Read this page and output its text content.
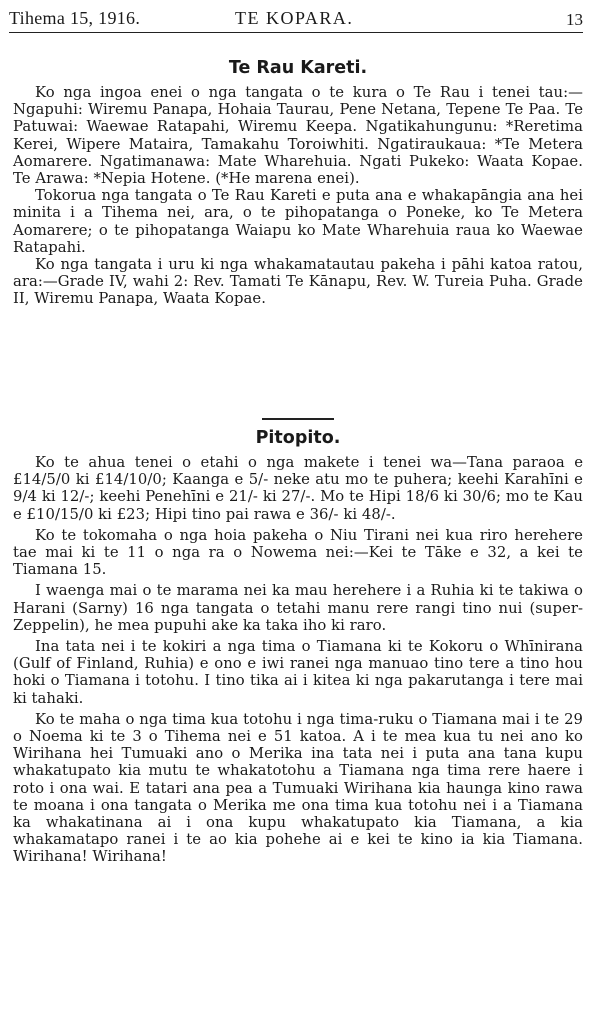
Tihema 15, 1916.	TE KOPARA.	13
Te Rau Kareti.

Ko nga ingoa enei o nga tangata o te kura o Te Rau i tenei tau:—Ngapuhi: Wiremu Panapa, Hohaia Taurau, Pene Netana, Tepene Te Paa. Te Patuwai: Waewae Ratapahi, Wiremu Keepa. Ngatikahungunu: *Reretima Kerei, Wipere Mataira, Tamakahu Toroiwhiti. Ngatiraukaua: *Te Metera Aomarere. Ngatimanawa: Mate Wharehuia. Ngati Pukeko: Waata Kopae. Te Arawa: *Nepia Hotene. (*He marena enei).

Tokorua nga tangata o Te Rau Kareti e puta ana e whakapāngia ana hei minita i a Tihema nei, ara, o te pihopatanga o Poneke, ko Te Metera Aomarere; o te pihopatanga Waiapu ko Mate Wharehuia raua ko Waewae Ratapahi.

Ko nga tangata i uru ki nga whakamatautau pakeha i pāhi katoa ratou, ara:—Grade IV, wahi 2: Rev. Tamati Te Kānapu, Rev. W. Tureia Puha. Grade II, Wiremu Panapa, Waata Kopae.

Pitopito.

Ko te ahua tenei o etahi o nga makete i tenei wa—Tana paraoa e £14/5/0 ki £14/10/0; Kaanga e 5/- neke atu mo te puhera; keehi Karahīni e 9/4 ki 12/-; keehi Penehīni e 21/- ki 27/-. Mo te Hipi 18/6 ki 30/6; mo te Kau e £10/15/0 ki £23; Hipi tino pai rawa e 36/- ki 48/-.

Ko te tokomaha o nga hoia pakeha o Niu Tirani nei kua riro herehere tae mai ki te 11 o nga ra o Nowema nei:—Kei te Tāke e 32, a kei te Tiamana 15.

I waenga mai o te marama nei ka mau herehere i a Ruhia ki te takiwa o Harani (Sarny) 16 nga tangata o tetahi manu rere rangi tino nui (super-Zeppelin), he mea pupuhi ake ka taka iho ki raro.

Ina tata nei i te kokiri a nga tima o Tiamana ki te Kokoru o Whīnirana (Gulf of Finland, Ruhia) e ono e iwi ranei nga manuao tino tere a tino hou hoki o Tiamana i totohu. I tino tika ai i kitea ki nga pakarutanga i tere mai ki tahaki.

Ko te maha o nga tima kua totohu i nga tima-ruku o Tiamana mai i te 29 o Noema ki te 3 o Tihema nei e 51 katoa. A i te mea kua tu nei ano ko Wirihana hei Tumuaki ano o Merika ina tata nei i puta ana tana kupu whakatupato kia mutu te whakatotohu a Tiamana nga tima rere haere i roto i ona wai. E tatari ana pea a Tumuaki Wirihana kia haunga kino rawa te moana i ona tangata o Merika me ona tima kua totohu nei i a Tiamana ka whakatinana ai i ona kupu whakatupato kia Tiamana, a kia whakamatapo ranei i te ao kia pohehe ai e kei te kino ia kia Tiamana. Wirihana! Wirihana!
